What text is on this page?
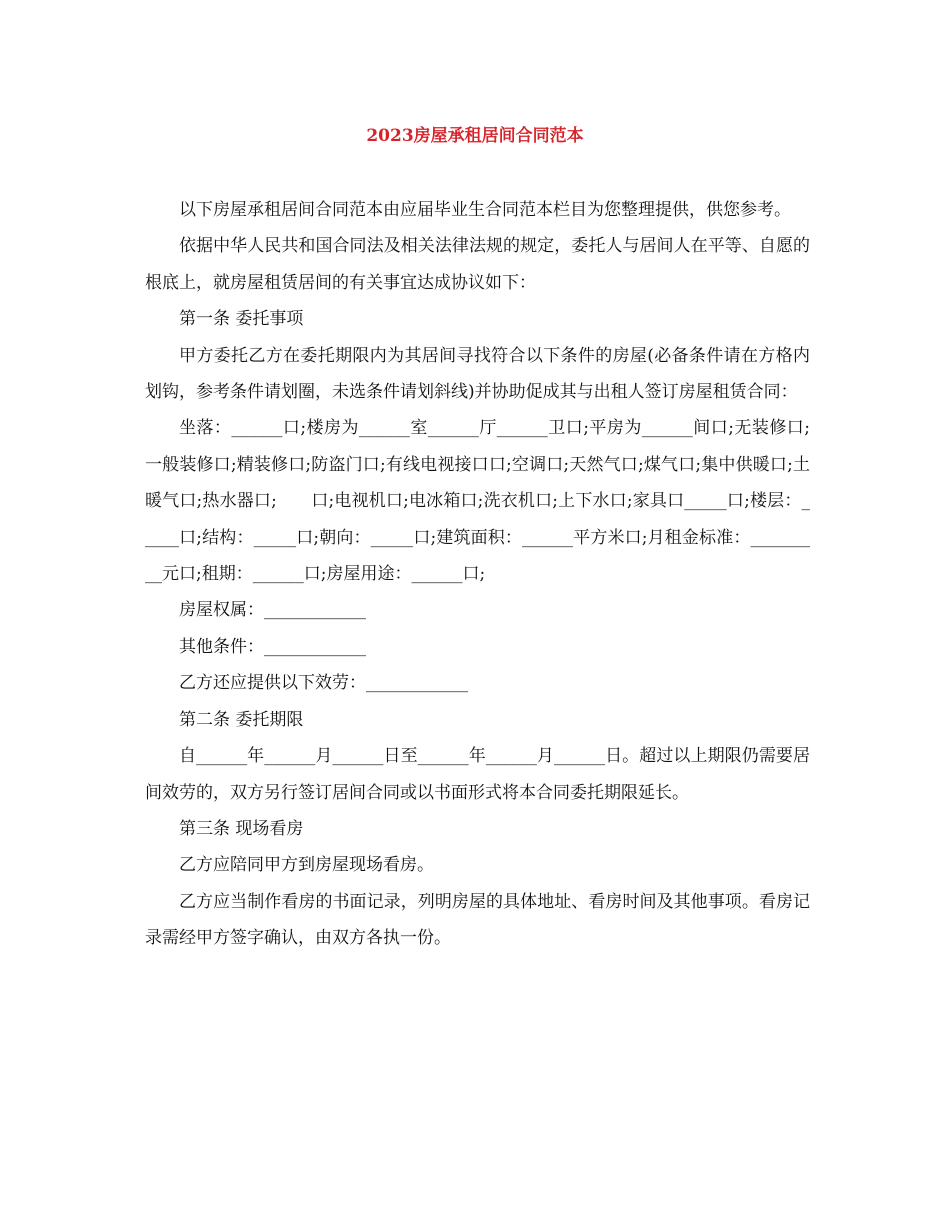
2023房屋承租居间合同范本

以下房屋承租居间合同范本由应届毕业生合同范本栏目为您整理提供，供您参考。

依据中华人民共和国合同法及相关法律法规的规定，委托人与居间人在平等、自愿的根底上，就房屋租赁居间的有关事宜达成协议如下：

第一条 委托事项

甲方委托乙方在委托期限内为其居间寻找符合以下条件的房屋(必备条件请在方格内划钩，参考条件请划圈，未选条件请划斜线)并协助促成其与出租人签订房屋租赁合同：

坐落：______口;楼房为______室______厅______卫口;平房为______间口;无装修口;一般装修口;精装修口;防盗门口;有线电视接口口;空调口;天然气口;煤气口;集中供暖口;土暖气口;热水器口;　　口;电视机口;电冰箱口;洗衣机口;上下水口;家具口_____口;楼层：_____口;结构：_____口;朝向：_____口;建筑面积：______平方米口;月租金标准：_________元口;租期：______口;房屋用途：______口;

房屋权属：____________

其他条件：____________

乙方还应提供以下效劳：____________

第二条 委托期限

自______年______月______日至______年______月______日。超过以上期限仍需要居间效劳的，双方另行签订居间合同或以书面形式将本合同委托期限延长。

第三条 现场看房

乙方应陪同甲方到房屋现场看房。

乙方应当制作看房的书面记录，列明房屋的具体地址、看房时间及其他事项。看房记录需经甲方签字确认，由双方各执一份。
